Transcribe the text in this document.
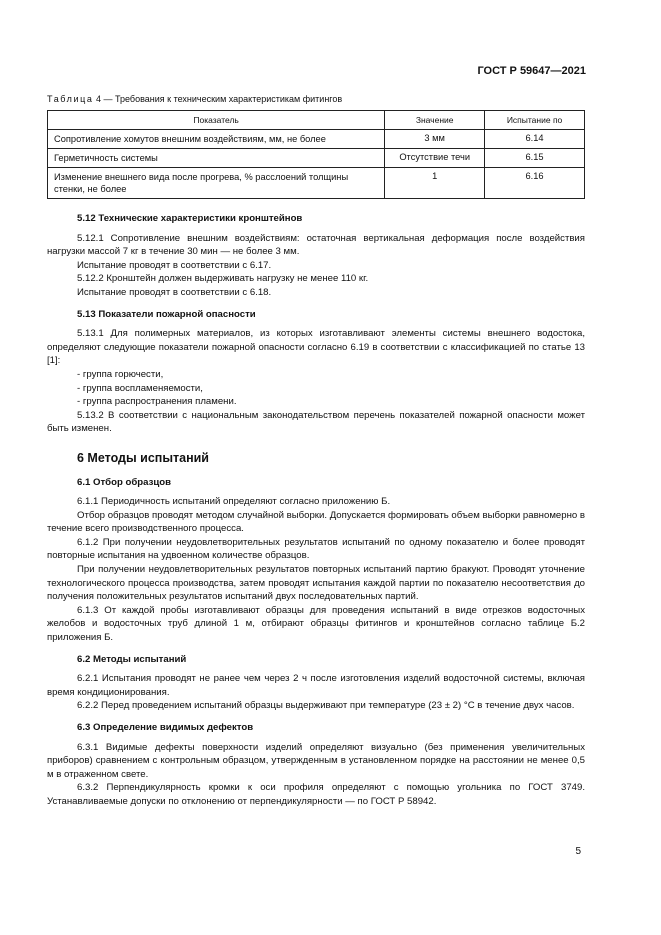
ГОСТ Р 59647—2021
Таблица 4 — Требования к техническим характеристикам фитингов
Показатель	Значение	Испытание по
Сопротивление хомутов внешним воздействиям, мм, не более	3 мм	6.14
Герметичность системы	Отсутствие течи	6.15
Изменение внешнего вида после прогрева, % расслоений толщины стенки, не более	1	6.16

5.12 Технические характеристики кронштейнов

5.12.1 Сопротивление внешним воздействиям: остаточная вертикальная деформация после воздействия нагрузки массой 7 кг в течение 30 мин — не более 3 мм.

Испытание проводят в соответствии с 6.17.

5.12.2 Кронштейн должен выдерживать нагрузку не менее 110 кг.

Испытание проводят в соответствии с 6.18.

5.13 Показатели пожарной опасности

5.13.1 Для полимерных материалов, из которых изготавливают элементы системы внешнего водостока, определяют следующие показатели пожарной опасности согласно 6.19 в соответствии с классификацией по статье 13 [1]:

- группа горючести,

- группа воспламеняемости,

- группа распространения пламени.

5.13.2 В соответствии с национальным законодательством перечень показателей пожарной опасности может быть изменен.

6 Методы испытаний

6.1 Отбор образцов

6.1.1 Периодичность испытаний определяют согласно приложению Б.

Отбор образцов проводят методом случайной выборки. Допускается формировать объем выборки равномерно в течение всего производственного процесса.

6.1.2 При получении неудовлетворительных результатов испытаний по одному показателю и более проводят повторные испытания на удвоенном количестве образцов.

При получении неудовлетворительных результатов повторных испытаний партию бракуют. Проводят уточнение технологического процесса производства, затем проводят испытания каждой партии по показателю несоответствия до получения положительных результатов испытаний двух последовательных партий.

6.1.3 От каждой пробы изготавливают образцы для проведения испытаний в виде отрезков водосточных желобов и водосточных труб длиной 1 м, отбирают образцы фитингов и кронштейнов согласно таблице Б.2 приложения Б.

6.2 Методы испытаний

6.2.1 Испытания проводят не ранее чем через 2 ч после изготовления изделий водосточной системы, включая время кондиционирования.

6.2.2 Перед проведением испытаний образцы выдерживают при температуре (23 ± 2) °С в течение двух часов.

6.3 Определение видимых дефектов

6.3.1 Видимые дефекты поверхности изделий определяют визуально (без применения увеличительных приборов) сравнением с контрольным образцом, утвержденным в установленном порядке на расстоянии не менее 0,5 м в отраженном свете.

6.3.2 Перпендикулярность кромки к оси профиля определяют с помощью угольника по ГОСТ 3749. Устанавливаемые допуски по отклонению от перпендикулярности — по ГОСТ Р 58942.

5
